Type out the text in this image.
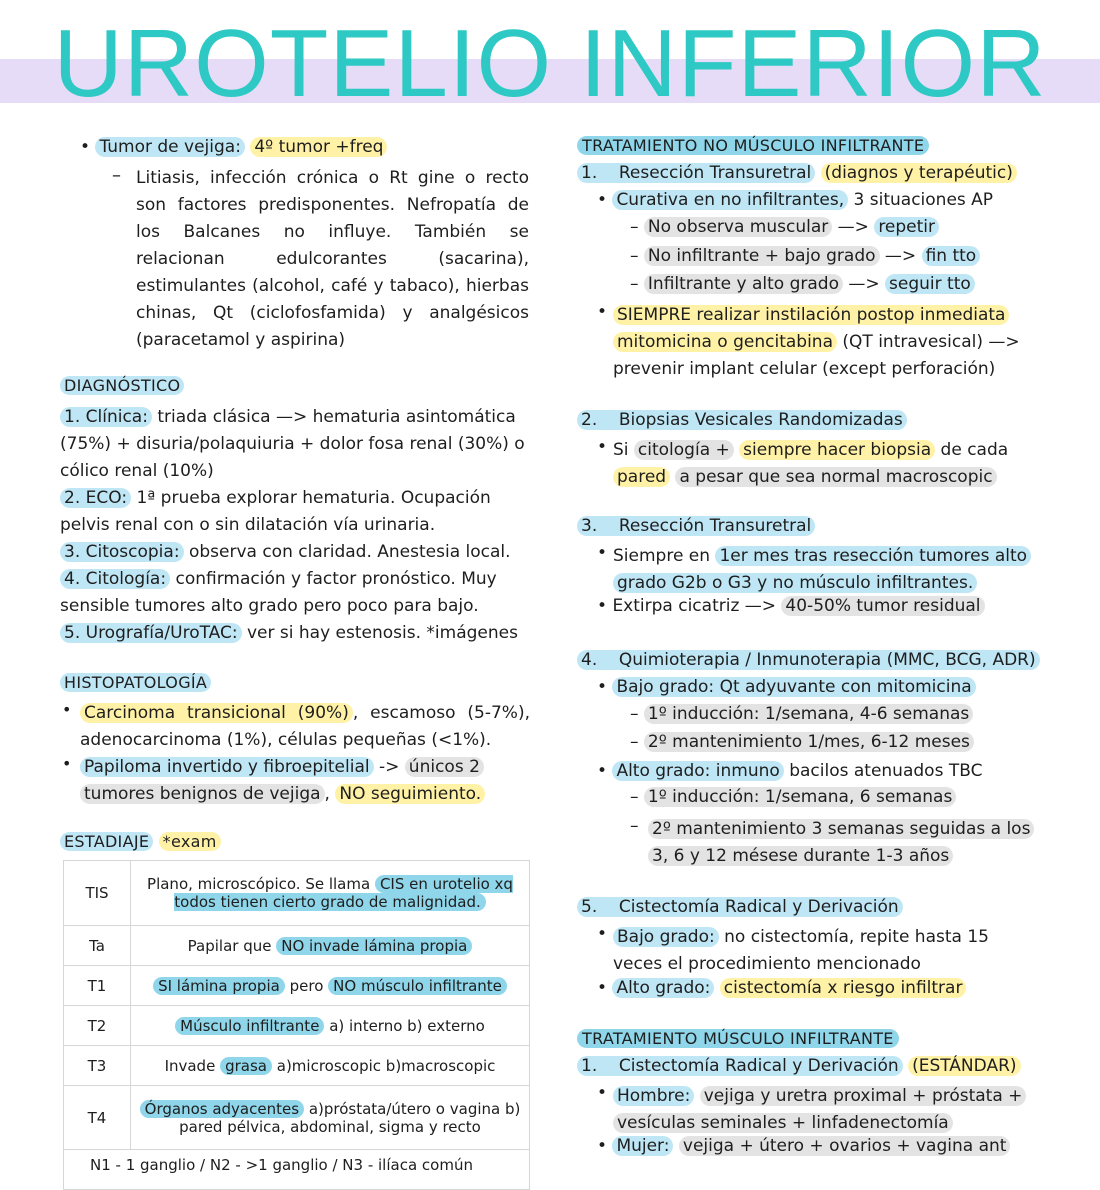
UROTELIO INFERIOR
• Tumor de vejiga: 4º tumor +freq
– Litiasis, infección crónica o Rt gine o recto son factores predisponentes. Nefropatía de los Balcanes no influye. También se relacionan edulcorantes (sacarina), estimulantes (alcohol, café y tabaco), hierbas chinas, Qt (ciclofosfamida) y analgésicos (paracetamol y aspirina)
DIAGNÓSTICO
1. Clínica: triada clásica —> hematuria asintomática (75%) + disuria/polaquiuria + dolor fosa renal (30%) o cólico renal (10%)
2. ECO: 1ª prueba explorar hematuria. Ocupación pelvis renal con o sin dilatación vía urinaria.
3. Citoscopia: observa con claridad. Anestesia local.
4. Citología: confirmación y factor pronóstico. Muy sensible tumores alto grado pero poco para bajo.
5. Urografía/UroTAC: ver si hay estenosis. *imágenes
HISTOPATOLOGÍA
• Carcinoma transicional (90%) , escamoso (5-7%), adenocarcinoma (1%), células pequeñas (<1%).
• Papiloma invertido y fibroepitelial -> únicos 2 tumores benignos de vejiga , NO seguimiento.
ESTADIAJE *exam
TIS	Plano, microscópico. Se llama CIS en urotelio xq todos tienen cierto grado de malignidad.
Ta	Papilar que NO invade lámina propia
T1	SI lámina propia pero NO músculo infiltrante
T2	Músculo infiltrante a) interno b) externo
T3	Invade grasa a)microscopic b)macroscopic
T4	Órganos adyacentes a)próstata/útero o vagina b) pared pélvica, abdominal, sigma y recto
N1 - 1 ganglio / N2 - >1 ganglio / N3 - ilíaca común	
TRATAMIENTO NO MÚSCULO INFILTRANTE
1. Resección Transuretral (diagnos y terapéutic)
• Curativa en no infiltrantes, 3 situaciones AP
– No observa muscular —> repetir
– No infiltrante + bajo grado —> fin tto
– Infiltrante y alto grado —> seguir tto
• SIEMPRE realizar instilación postop inmediata
mitomicina o gencitabina (QT intravesical) —>
prevenir implant celular (except perforación)
2. Biopsias Vesicales Randomizadas
• Si citología + siempre hacer biopsia de cada
pared a pesar que sea normal macroscopic
3. Resección Transuretral
• Siempre en 1er mes tras resección tumores alto
grado G2b o G3 y no músculo infiltrantes.
• Extirpa cicatriz —> 40-50% tumor residual
4. Quimioterapia / Inmunoterapia (MMC, BCG, ADR)
• Bajo grado: Qt adyuvante con mitomicina
– 1º inducción: 1/semana, 4-6 semanas
– 2º mantenimiento 1/mes, 6-12 meses
• Alto grado: inmuno bacilos atenuados TBC
– 1º inducción: 1/semana, 6 semanas
– 2º mantenimiento 3 semanas seguidas a los
3, 6 y 12 mésese durante 1-3 años
5. Cistectomía Radical y Derivación
• Bajo grado: no cistectomía, repite hasta 15
veces el procedimiento mencionado
• Alto grado: cistectomía x riesgo infiltrar
TRATAMIENTO MÚSCULO INFILTRANTE
1. Cistectomía Radical y Derivación (ESTÁNDAR)
• Hombre: vejiga y uretra proximal + próstata +
vesículas seminales + linfadenectomía
• Mujer: vejiga + útero + ovarios + vagina ant
